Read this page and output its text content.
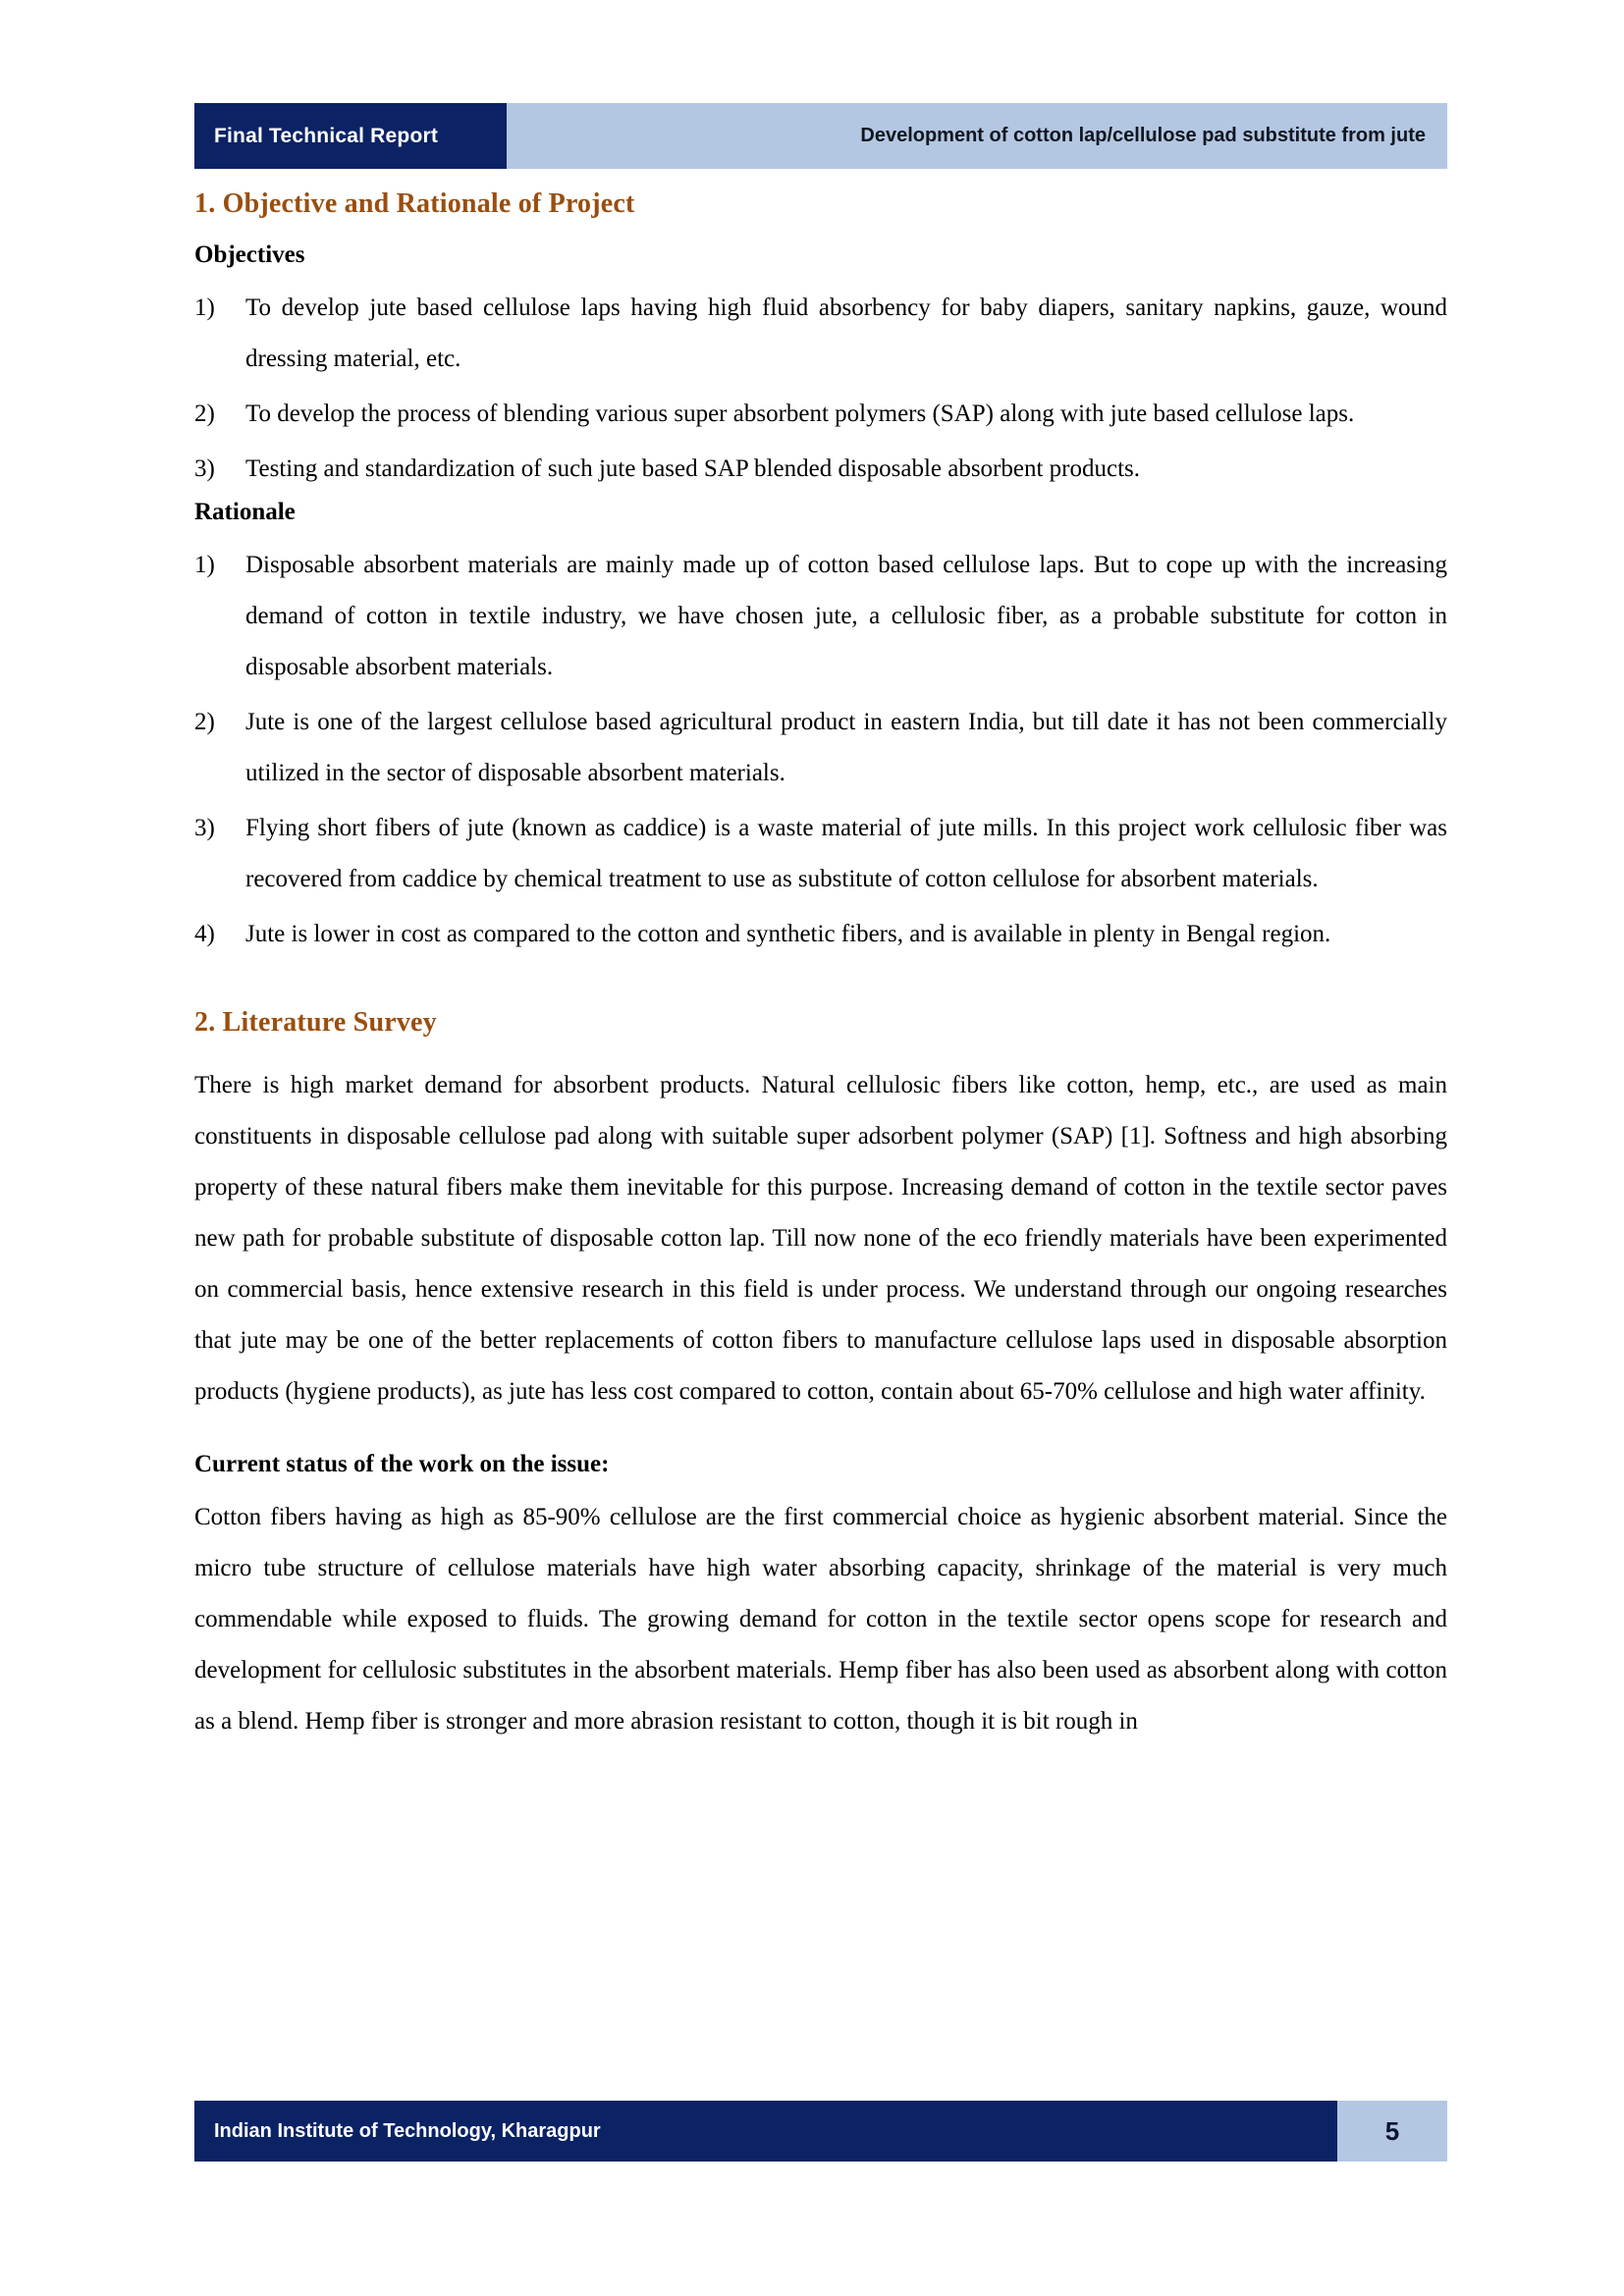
Final Technical Report	Development of cotton lap/cellulose pad substitute from jute
1. Objective and Rationale of Project
Objectives
1)	To develop jute based cellulose laps having high fluid absorbency for baby diapers, sanitary napkins, gauze, wound dressing material, etc.
2)	To develop the process of blending various super absorbent polymers (SAP) along with jute based cellulose laps.
3)	Testing and standardization of such jute based SAP blended disposable absorbent products.
Rationale
1)	Disposable absorbent materials are mainly made up of cotton based cellulose laps. But to cope up with the increasing demand of cotton in textile industry, we have chosen jute, a cellulosic fiber, as a probable substitute for cotton in disposable absorbent materials.
2)	Jute is one of the largest cellulose based agricultural product in eastern India, but till date it has not been commercially utilized in the sector of disposable absorbent materials.
3)	Flying short fibers of jute (known as caddice) is a waste material of jute mills. In this project work cellulosic fiber was recovered from caddice by chemical treatment to use as substitute of cotton cellulose for absorbent materials.
4)	Jute is lower in cost as compared to the cotton and synthetic fibers, and is available in plenty in Bengal region.
2. Literature Survey

There is high market demand for absorbent products. Natural cellulosic fibers like cotton, hemp, etc., are used as main constituents in disposable cellulose pad along with suitable super adsorbent polymer (SAP) [1]. Softness and high absorbing property of these natural fibers make them inevitable for this purpose. Increasing demand of cotton in the textile sector paves new path for probable substitute of disposable cotton lap. Till now none of the eco friendly materials have been experimented on commercial basis, hence extensive research in this field is under process. We understand through our ongoing researches that jute may be one of the better replacements of cotton fibers to manufacture cellulose laps used in disposable absorption products (hygiene products), as jute has less cost compared to cotton, contain about 65-70% cellulose and high water affinity.

Current status of the work on the issue:

Cotton fibers having as high as 85-90% cellulose are the first commercial choice as hygienic absorbent material. Since the micro tube structure of cellulose materials have high water absorbing capacity, shrinkage of the material is very much commendable while exposed to fluids. The growing demand for cotton in the textile sector opens scope for research and development for cellulosic substitutes in the absorbent materials. Hemp fiber has also been used as absorbent along with cotton as a blend. Hemp fiber is stronger and more abrasion resistant to cotton, though it is bit rough in

Indian Institute of Technology, Kharagpur	5
